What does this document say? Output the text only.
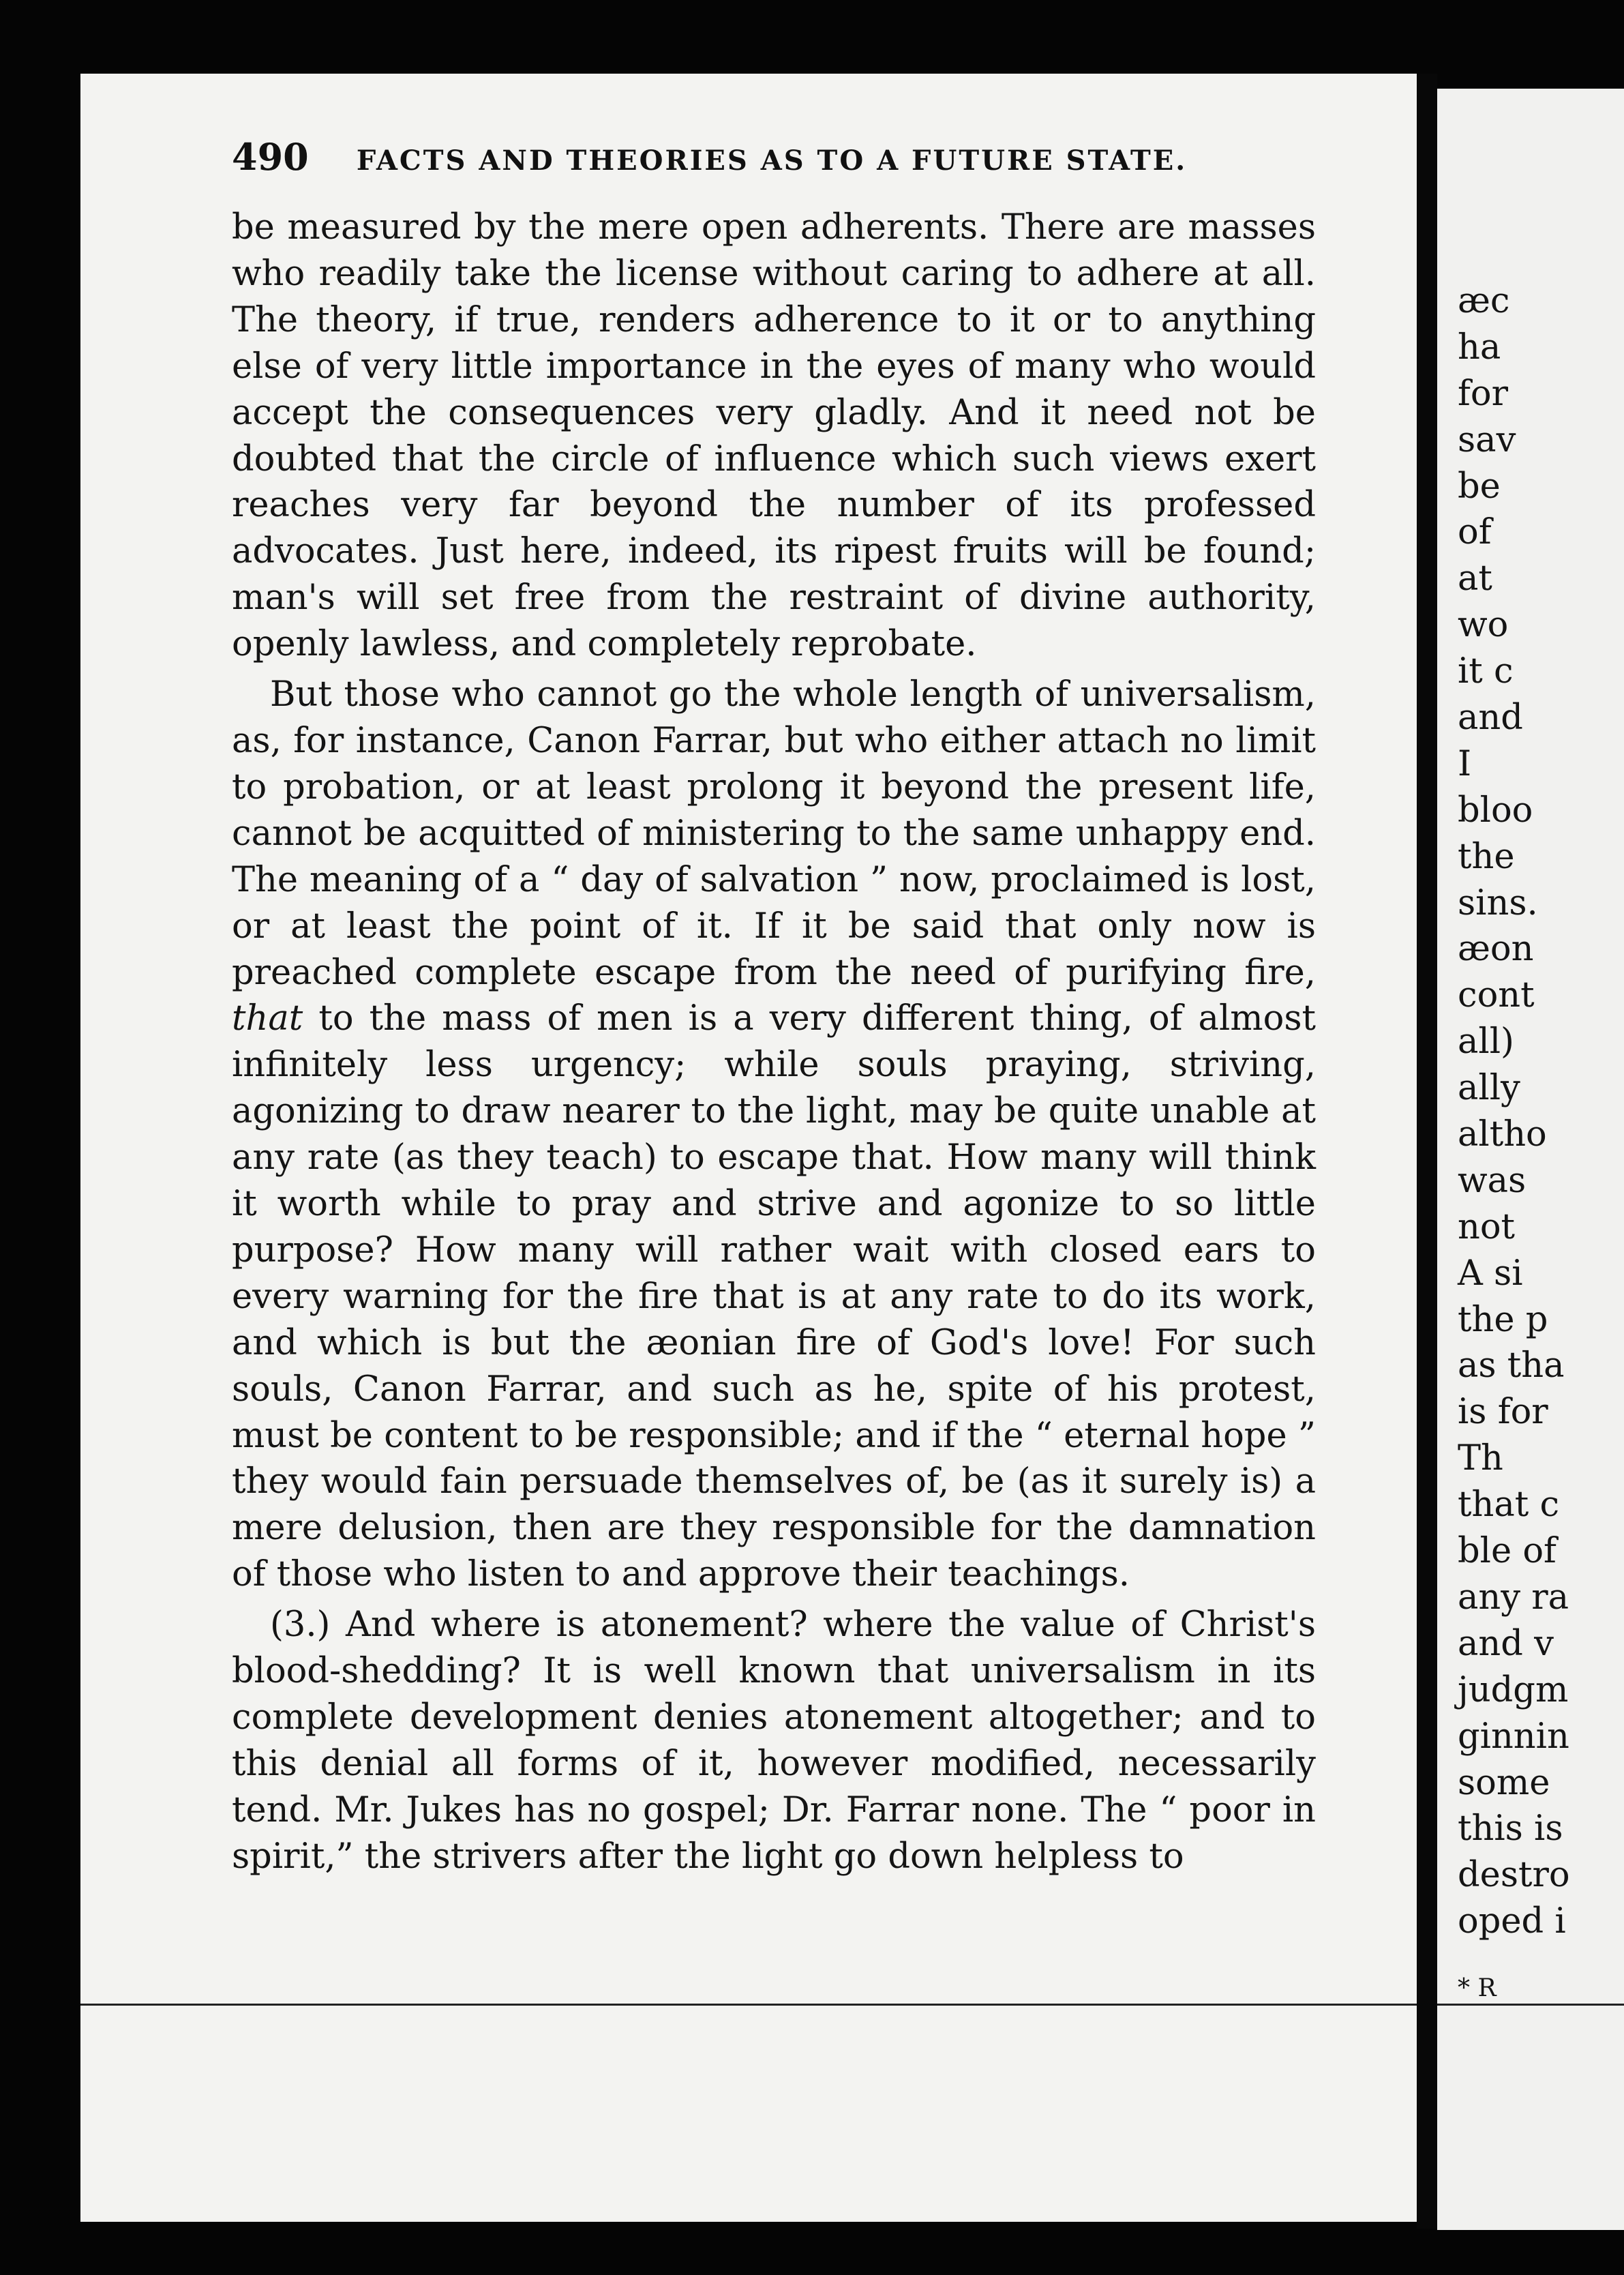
æc
ha
for
sav
be
of
at
wo
it c
and
I
bloo
the
sins.
æon
cont
all)
ally
altho
was
not
A si
the p
as tha
is for
Th
that c
ble of
any ra
and v
judgm
ginnin
some
this is
destro
oped i
* R
490 FACTS AND THEORIES AS TO A FUTURE STATE.

be measured by the mere open adherents. There are masses who readily take the license without caring to adhere at all. The theory, if true, renders adherence to it or to anything else of very little importance in the eyes of many who would accept the consequences very gladly. And it need not be doubted that the circle of influence which such views exert reaches very far beyond the number of its professed advocates. Just here, indeed, its ripest fruits will be found; man's will set free from the restraint of divine authority, openly lawless, and completely reprobate.

But those who cannot go the whole length of universalism, as, for instance, Canon Farrar, but who either attach no limit to probation, or at least prolong it beyond the present life, cannot be acquitted of ministering to the same unhappy end. The meaning of a “ day of salvation ” now, proclaimed is lost, or at least the point of it. If it be said that only now is preached complete escape from the need of purifying fire, that to the mass of men is a very different thing, of almost infinitely less urgency; while souls praying, striving, agonizing to draw nearer to the light, may be quite unable at any rate (as they teach) to escape that. How many will think it worth while to pray and strive and agonize to so little purpose? How many will rather wait with closed ears to every warning for the fire that is at any rate to do its work, and which is but the æonian fire of God's love! For such souls, Canon Farrar, and such as he, spite of his protest, must be content to be responsible; and if the “ eternal hope ” they would fain persuade themselves of, be (as it surely is) a mere delusion, then are they responsible for the damnation of those who listen to and approve their teachings.

(3.) And where is atonement? where the value of Christ's blood-shedding? It is well known that universalism in its complete development denies atonement altogether; and to this denial all forms of it, however modified, necessarily tend. Mr. Jukes has no gospel; Dr. Farrar none. The “ poor in spirit,” the strivers after the light go down helpless to
